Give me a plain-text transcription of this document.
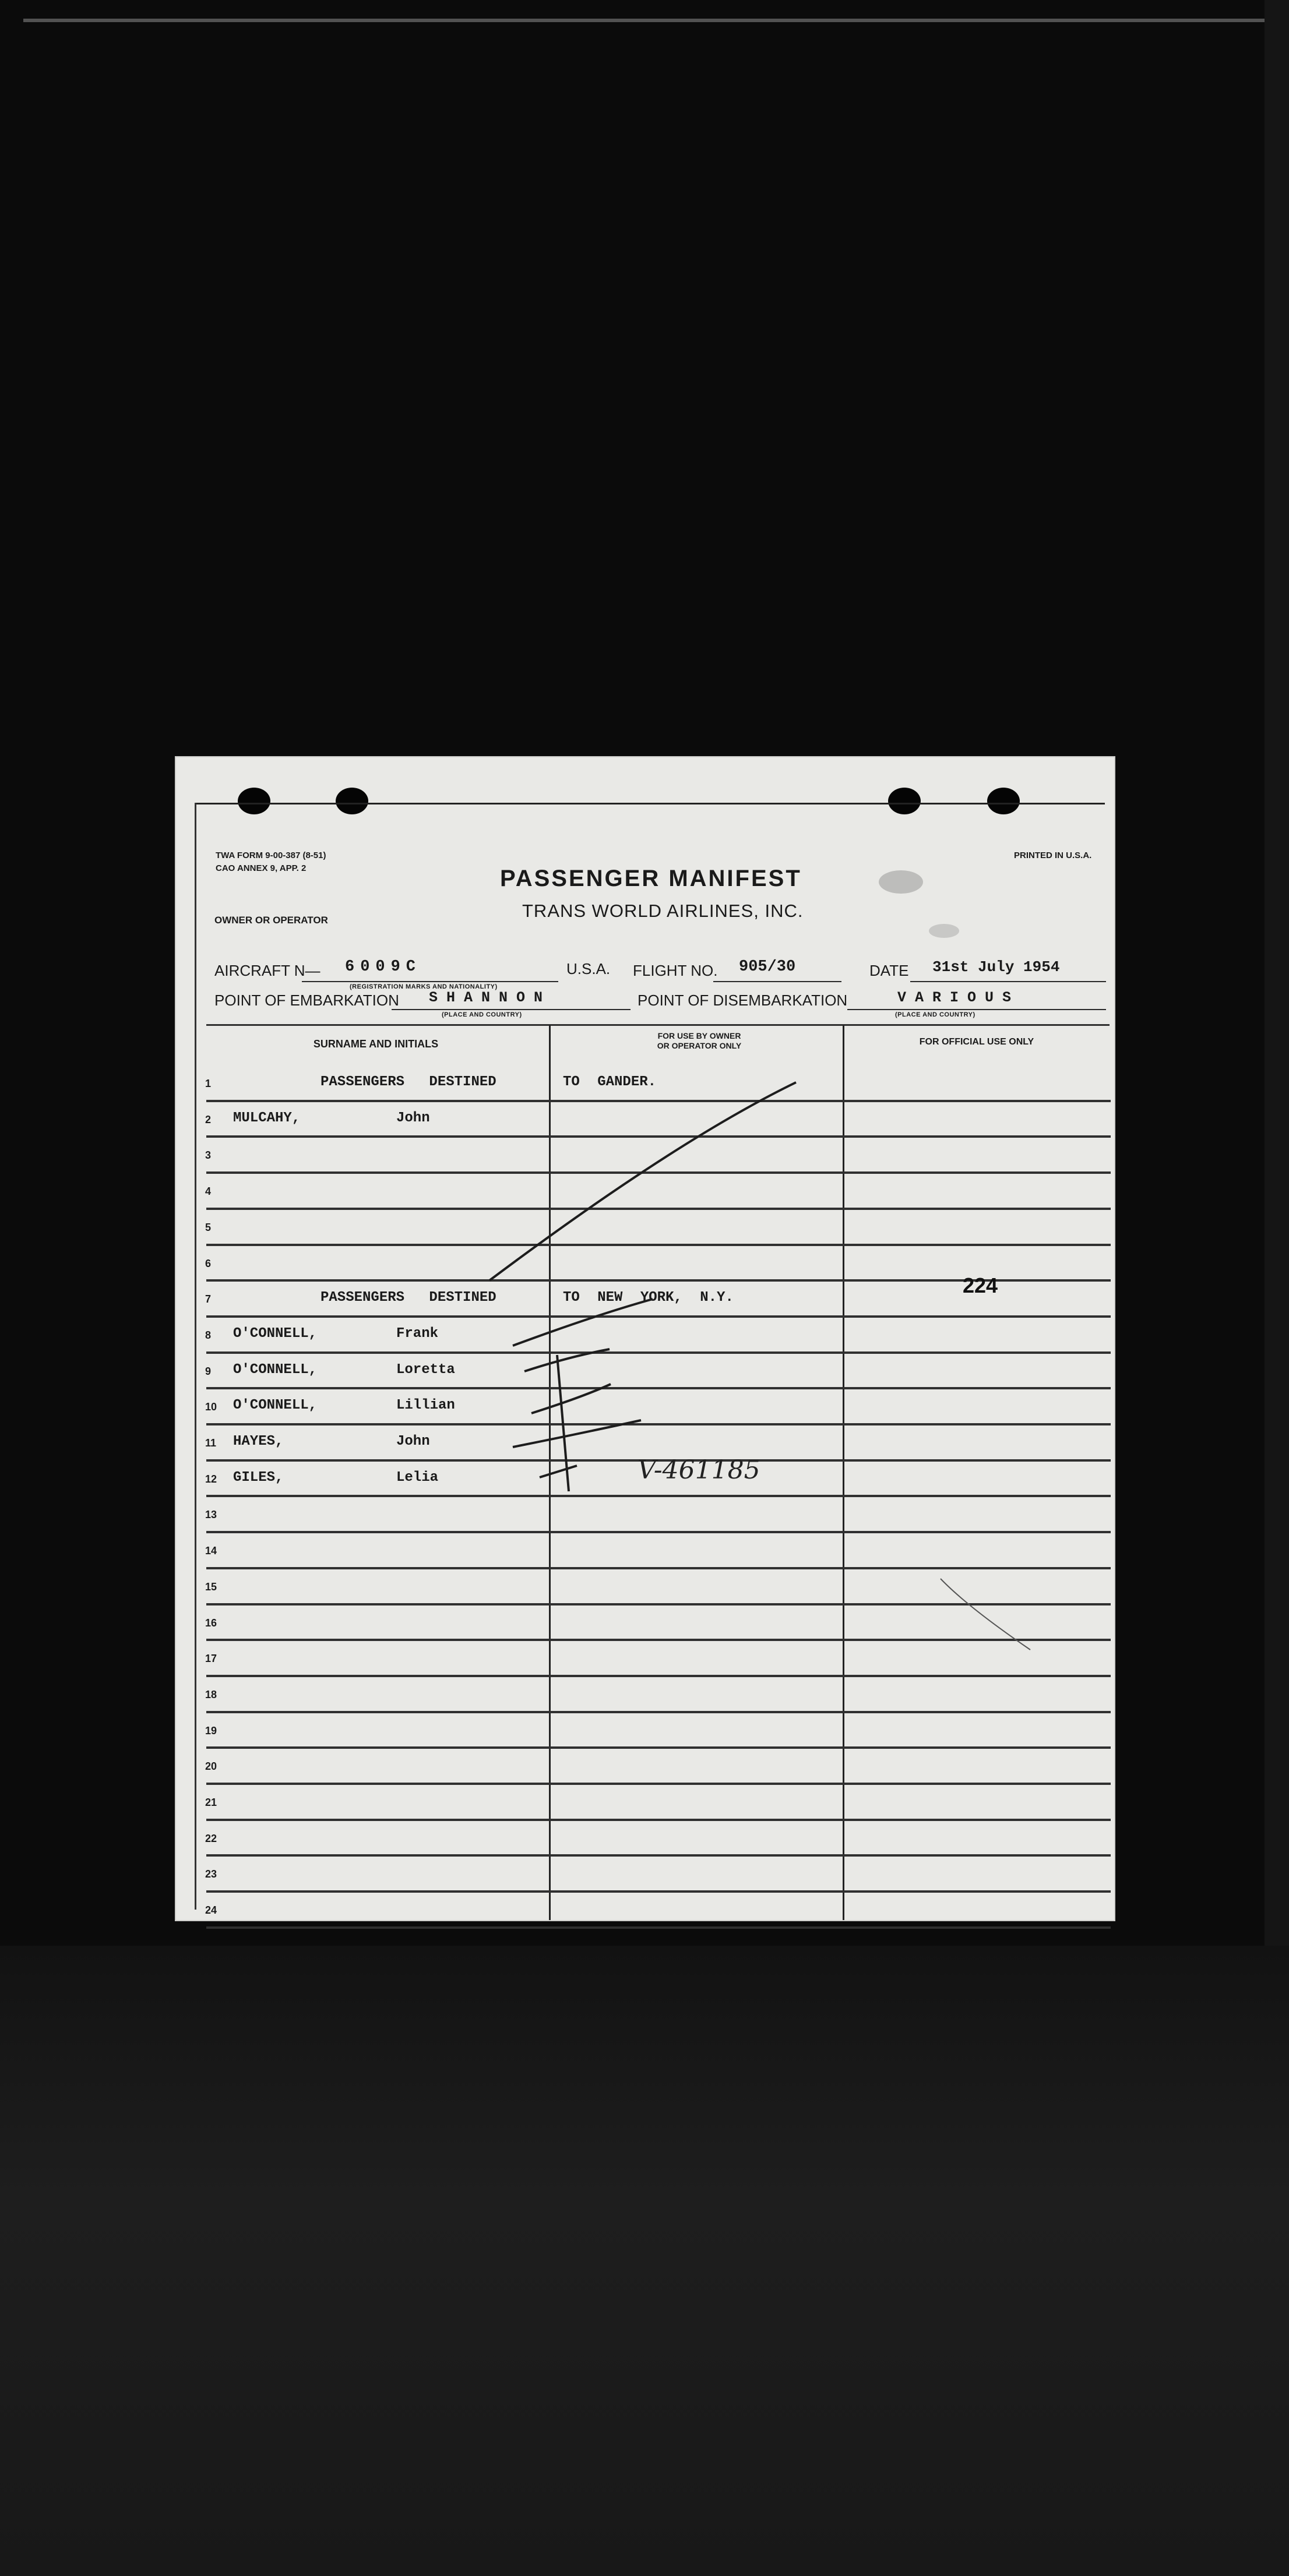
TWA FORM 9-00-387 (8-51)
CAO ANNEX 9, APP. 2
PRINTED IN U.S.A.
PASSENGER MANIFEST
TRANS WORLD AIRLINES, INC.
OWNER OR OPERATOR
AIRCRAFT N— 6009C
(REGISTRATION MARKS AND NATIONALITY)
U.S.A. FLIGHT NO. 905/30	DATE 31st July 1954
POINT OF EMBARKATION S H A N N O N
(PLACE AND COUNTRY)
POINT OF DISEMBARKATION	V A R I O U S
(PLACE AND COUNTRY)
SURNAME AND INITIALS
FOR USE BY OWNER
OR OPERATOR ONLY	FOR OFFICIAL USE ONLY
1	PASSENGERS DESTINED	TO GANDER.
2 MULCAHY,	John
3
4
5
6
7	PASSENGERS DESTINED	TO NEW YORK, N.Y.
8 O'CONNELL,	Frank
9 O'CONNELL,	Loretta
10 O'CONNELL,	Lillian
11 HAYES,	John
12 GILES,	Lelia
13
14
15
16
17
18
19
20
21
22
23
24
224
V-461185
